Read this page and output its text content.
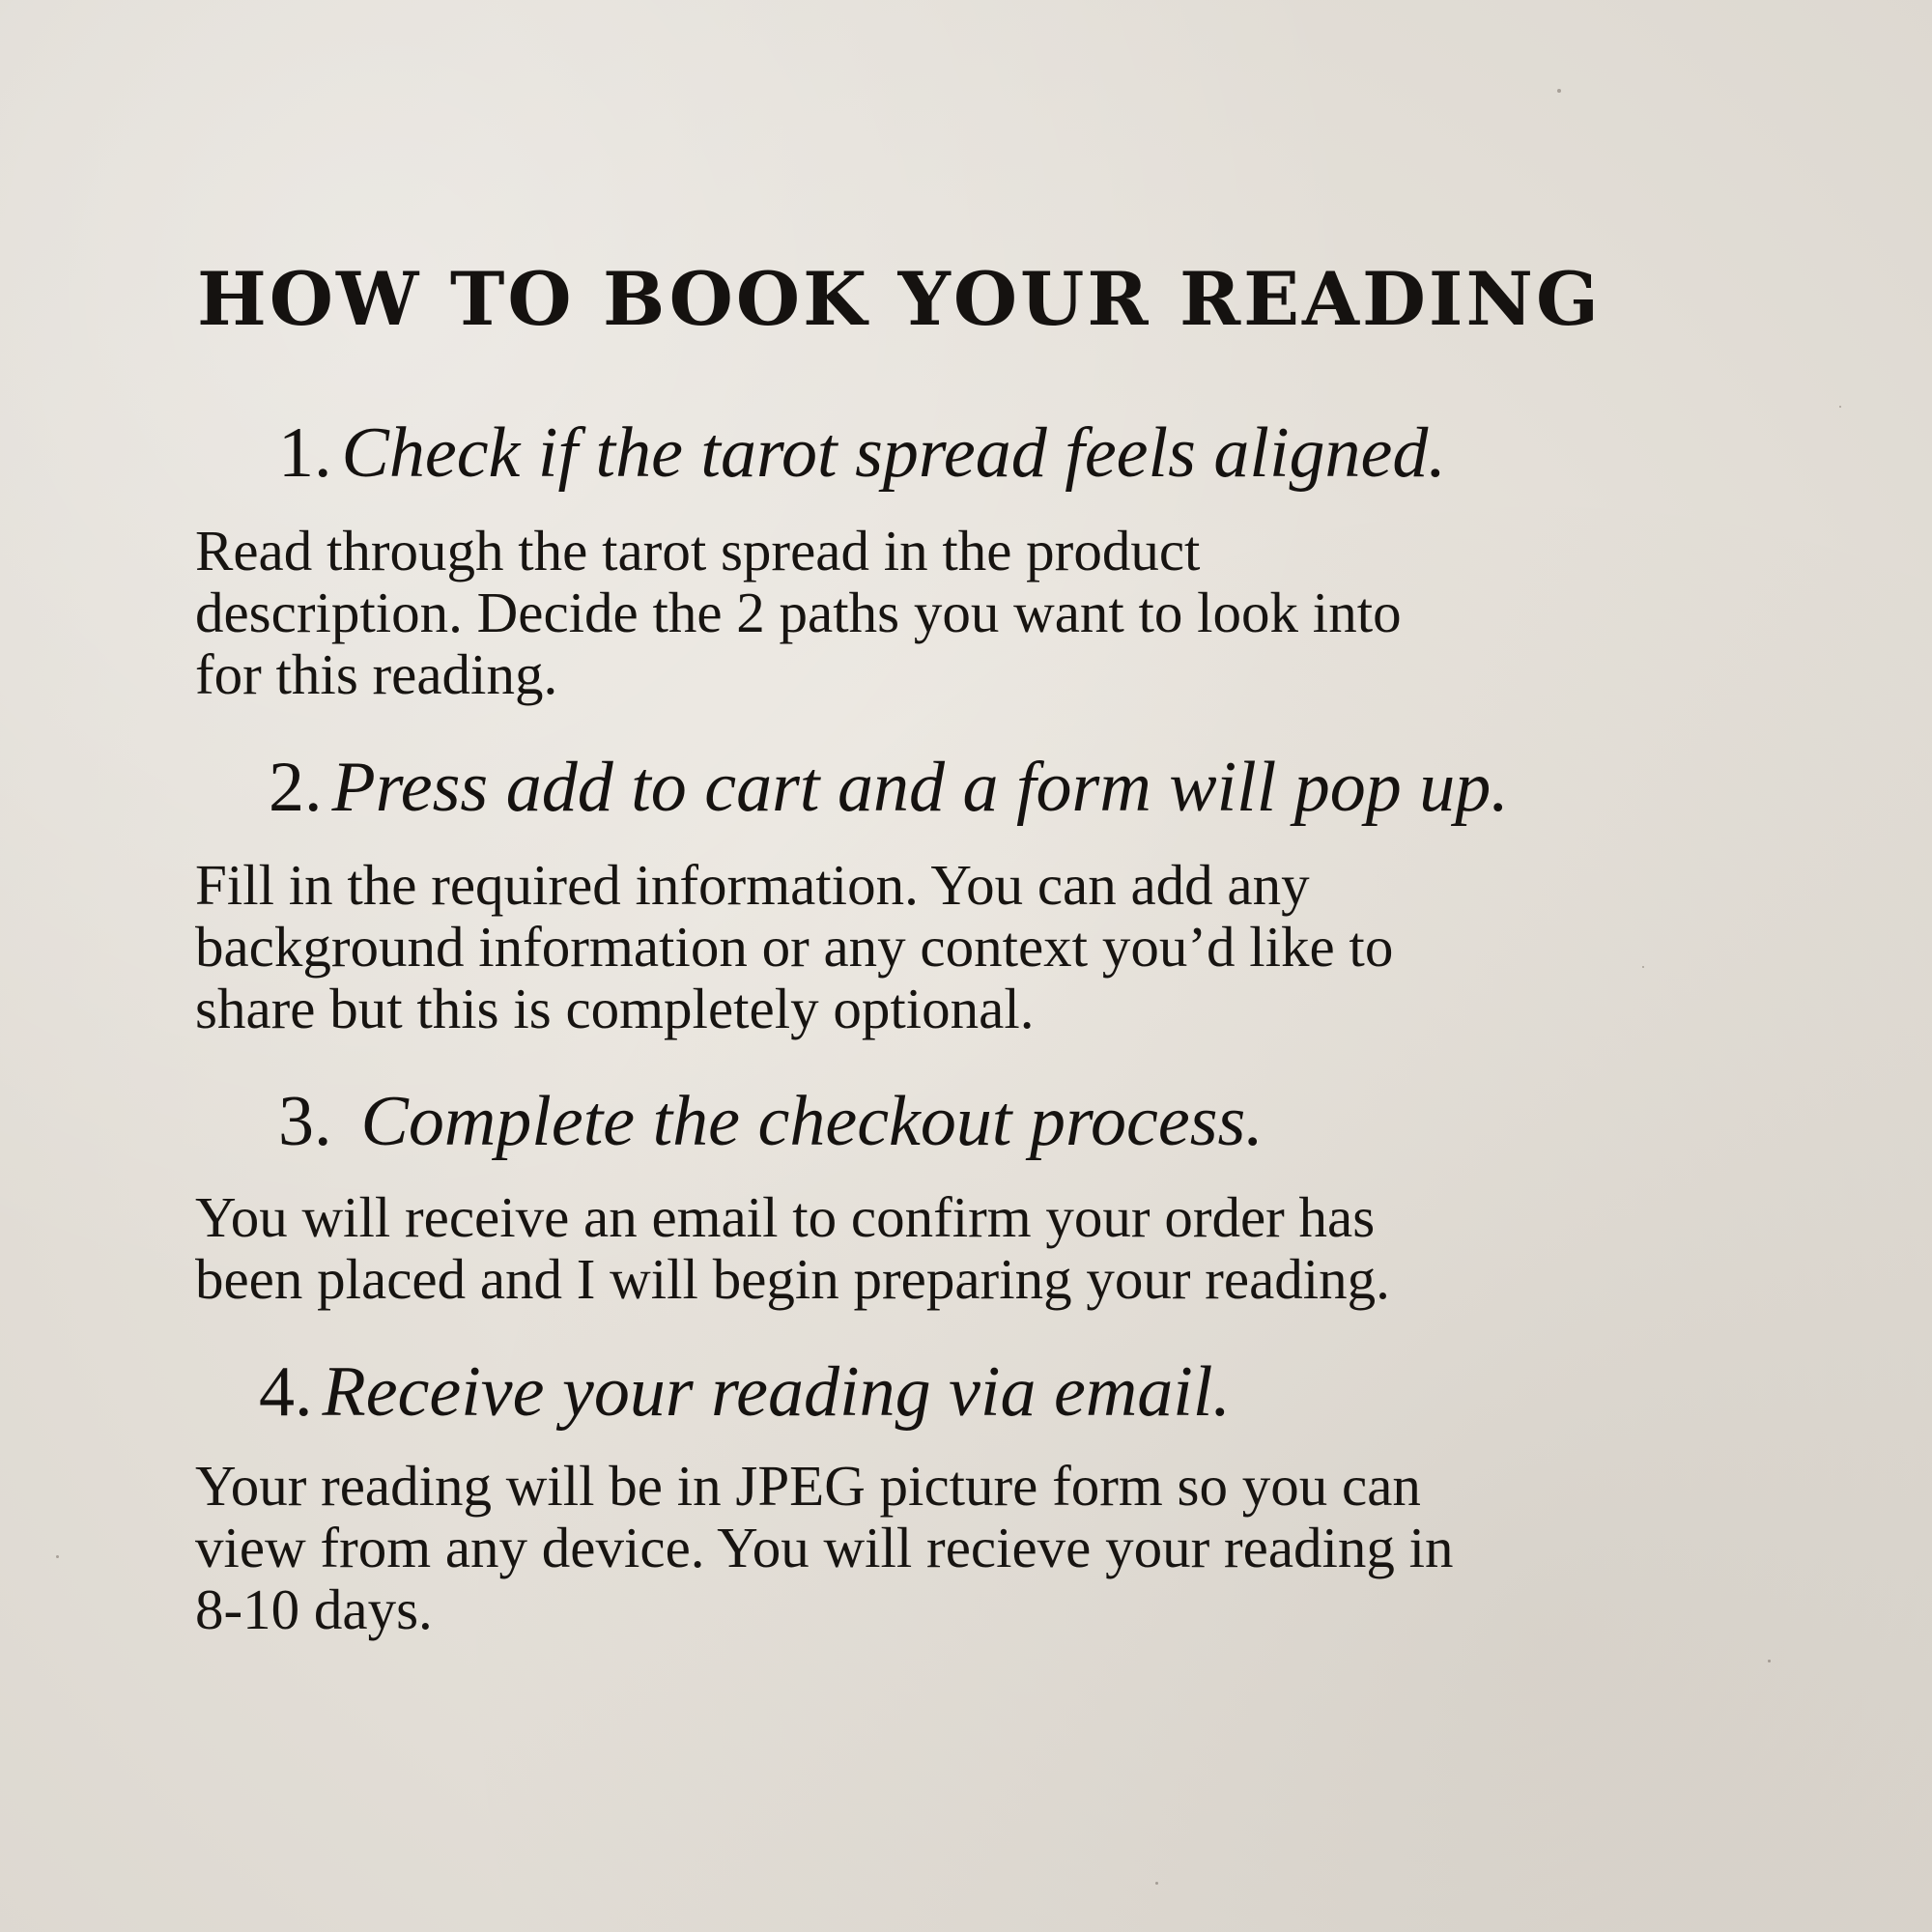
HOW TO BOOK YOUR READING
1. Check if the tarot spread feels aligned.

Read through the tarot spread in the product
description. Decide the 2 paths you want to look into
for this reading.

2. Press add to cart and a form will pop up.

Fill in the required information. You can add any
background information or any context you’d like to
share but this is completely optional.

3. Complete the checkout process.

You will receive an email to confirm your order has
been placed and I will begin preparing your reading.

4. Receive your reading via email.

Your reading will be in JPEG picture form so you can
view from any device. You will recieve your reading in
8-10 days.
